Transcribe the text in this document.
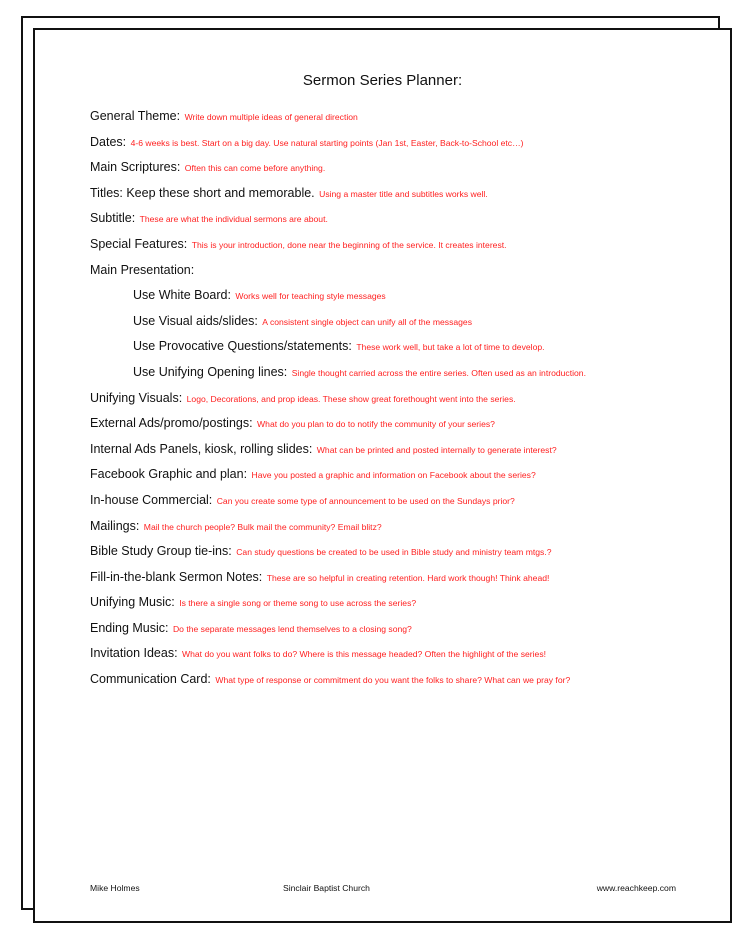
Sermon Series Planner:
General Theme: Write down multiple ideas of general direction
Dates: 4-6 weeks is best. Start on a big day. Use natural starting points (Jan 1st, Easter, Back-to-School etc…)
Main Scriptures: Often this can come before anything.
Titles: Keep these short and memorable. Using a master title and subtitles works well.
Subtitle: These are what the individual sermons are about.
Special Features: This is your introduction, done near the beginning of the service. It creates interest.
Main Presentation:
Use White Board: Works well for teaching style messages
Use Visual aids/slides: A consistent single object can unify all of the messages
Use Provocative Questions/statements: These work well, but take a lot of time to develop.
Use Unifying Opening lines: Single thought carried across the entire series. Often used as an introduction.
Unifying Visuals: Logo, Decorations, and prop ideas. These show great forethought went into the series.
External Ads/promo/postings: What do you plan to do to notify the community of your series?
Internal Ads Panels, kiosk, rolling slides: What can be printed and posted internally to generate interest?
Facebook Graphic and plan: Have you posted a graphic and information on Facebook about the series?
In-house Commercial: Can you create some type of announcement to be used on the Sundays prior?
Mailings: Mail the church people? Bulk mail the community? Email blitz?
Bible Study Group tie-ins: Can study questions be created to be used in Bible study and ministry team mtgs.?
Fill-in-the-blank Sermon Notes: These are so helpful in creating retention. Hard work though! Think ahead!
Unifying Music: Is there a single song or theme song to use across the series?
Ending Music: Do the separate messages lend themselves to a closing song?
Invitation Ideas: What do you want folks to do? Where is this message headed? Often the highlight of the series!
Communication Card: What type of response or commitment do you want the folks to share? What can we pray for?
Mike Holmes	Sinclair Baptist Church	www.reachkeep.com
